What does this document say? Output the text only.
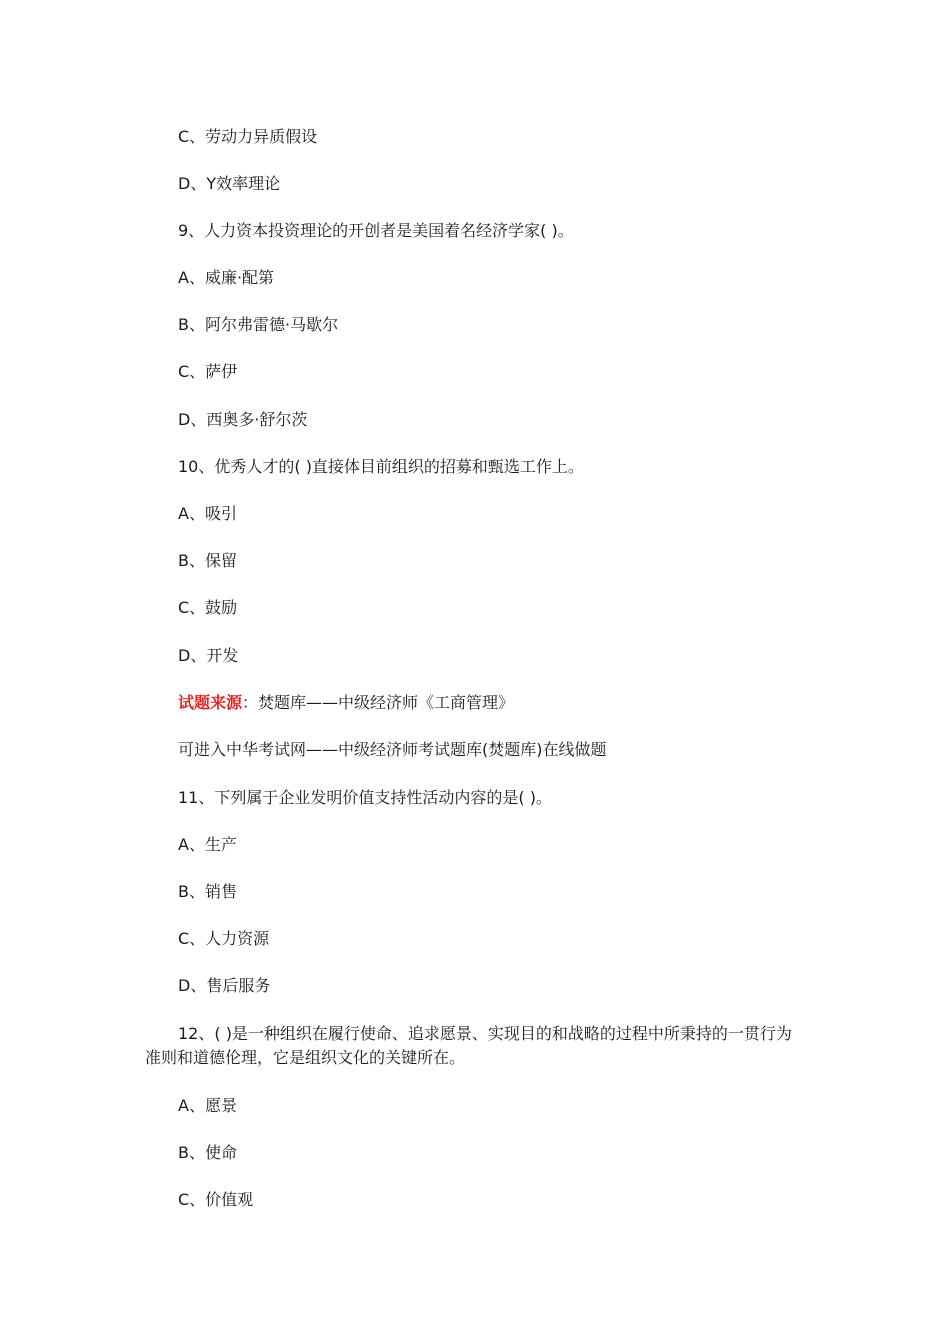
C、劳动力异质假设
D、Y效率理论
9、人力资本投资理论的开创者是美国着名经济学家( )。
A、威廉·配第
B、阿尔弗雷德·马歇尔
C、萨伊
D、西奥多·舒尔茨
10、优秀人才的( )直接体目前组织的招募和甄选工作上。
A、吸引
B、保留
C、鼓励
D、开发
试题来源：焚题库——中级经济师《工商管理》
可进入中华考试网——中级经济师考试题库(焚题库)在线做题
11、下列属于企业发明价值支持性活动内容的是( )。
A、生产
B、销售
C、人力资源
D、售后服务
12、( )是一种组织在履行使命、追求愿景、实现目的和战略的过程中所秉持的一贯行为准则和道德伦理，它是组织文化的关键所在。
A、愿景
B、使命
C、价值观
